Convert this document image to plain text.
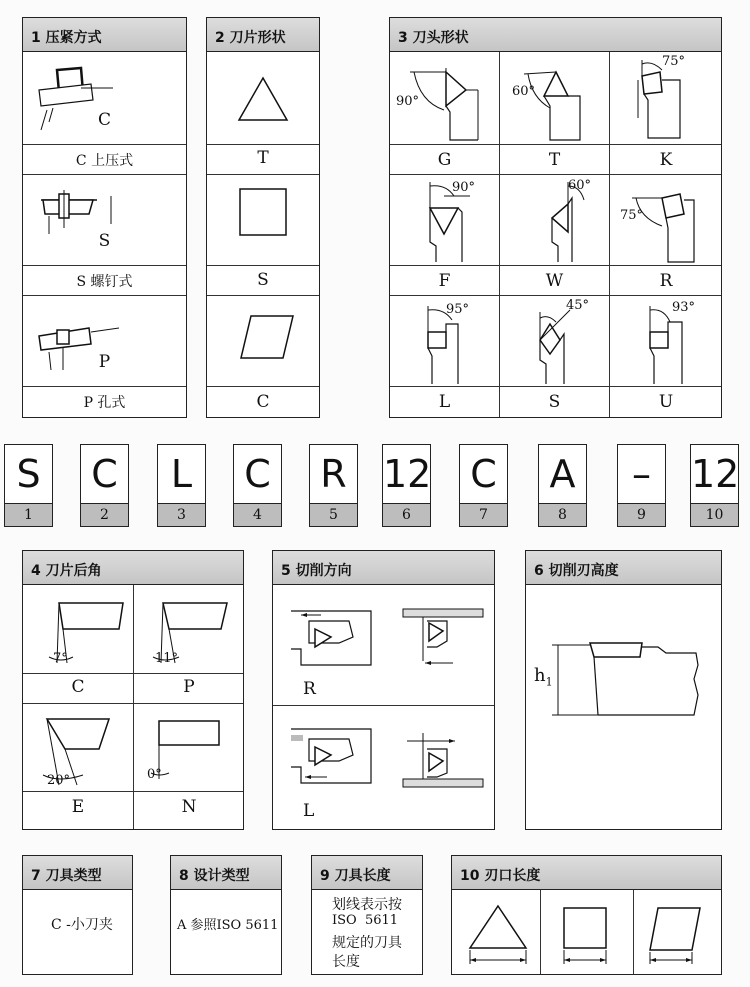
1 压紧方式
C
C 上压式
S
S 螺钉式
P
P 孔式
2 刀片形状
T
S
C
3 刀头形状
90°
60°
75°
G	T	K
90°	60°
75°
F	W	R
95°	45°	93°
L	S	U
S
1
C
2
L
3
C
4
R
5
12
6
C
7
A
8
–
9
12
10
4 刀片后角
7°	11°
C	P
20°	0°
E	N
5 切削方向
R
L
6 切削刃高度
$h_1$
7 刀具类型
C -小刀夹
8 设计类型
A 参照ISO 5611
9 刀具长度
划线表示按
ISO  5611
规定的刀具
长度
10 刃口长度
